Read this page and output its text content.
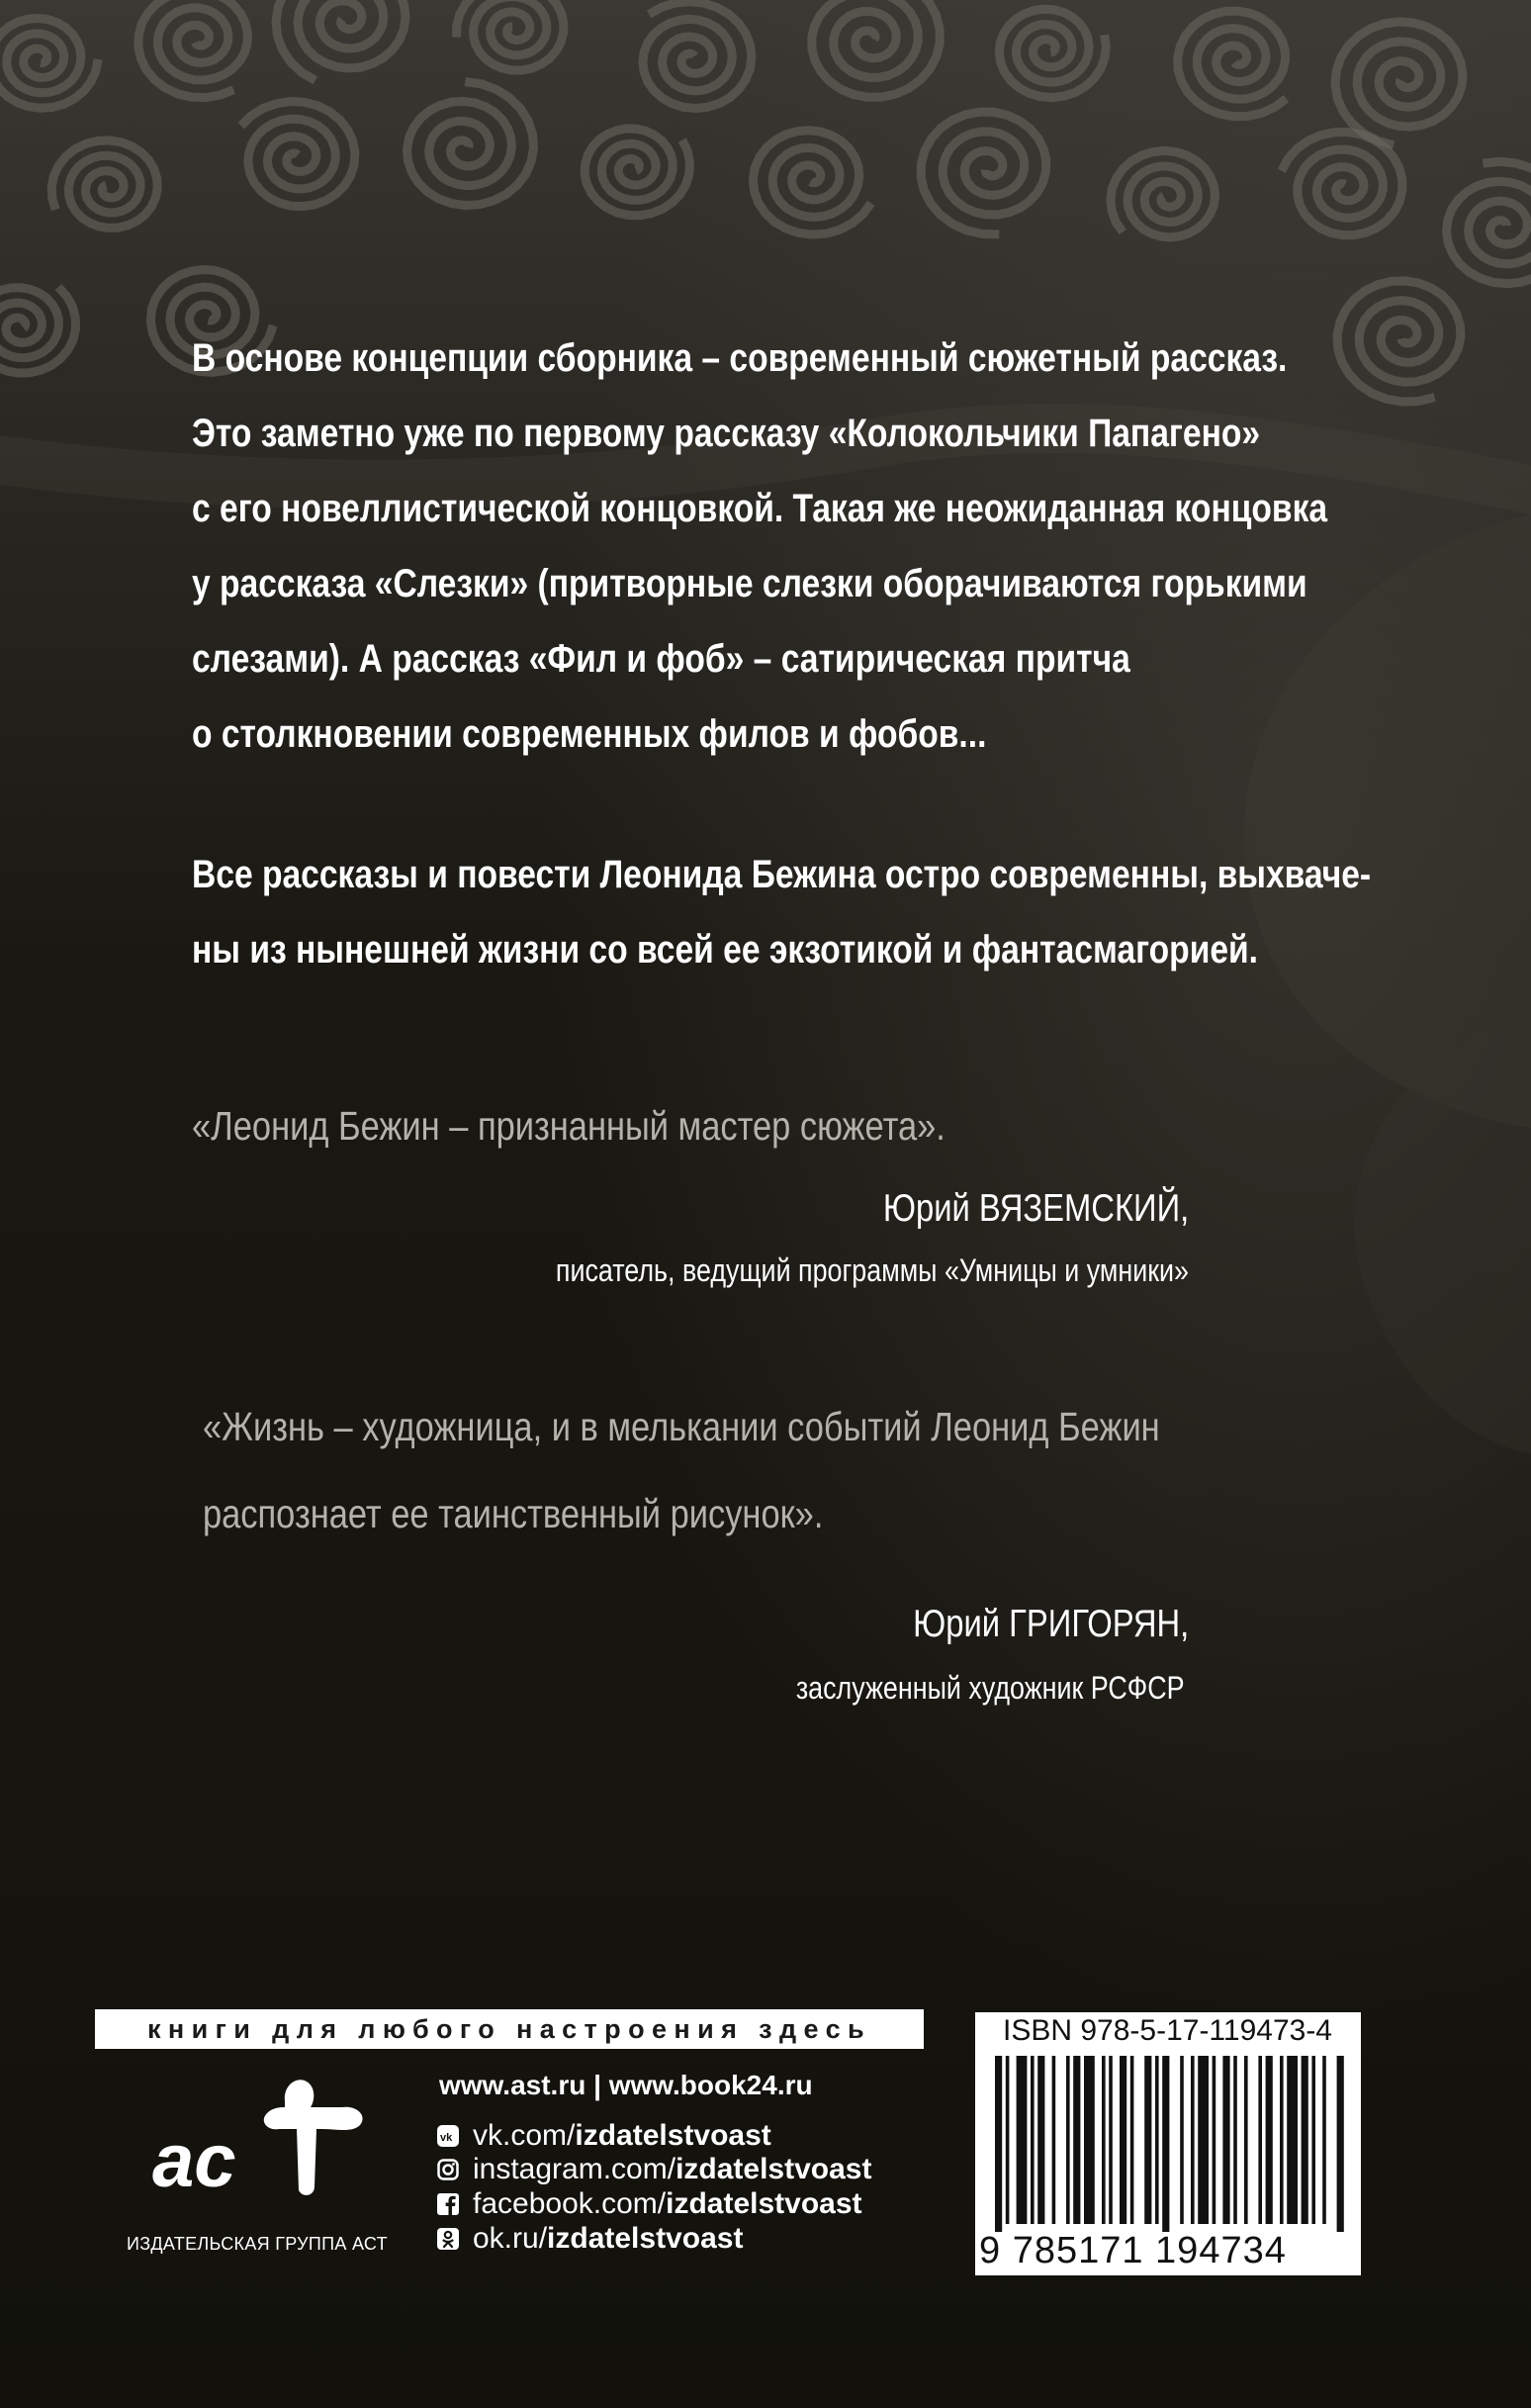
В основе концепции сборника – современный сюжетный рассказ.
Это заметно уже по первому рассказу «Колокольчики Папагено»
с его новеллистической концовкой. Такая же неожиданная концовка
у рассказа «Слезки» (притворные слезки оборачиваются горькими
слезами). А рассказ «Фил и фоб» – сатирическая притча
о столкновении современных филов и фобов...
Все рассказы и повести Леонида Бежина остро современны, выхваче-
ны из нынешней жизни со всей ее экзотикой и фантасмагорией.
«Леонид Бежин – признанный мастер сюжета».
Юрий ВЯЗЕМСКИЙ,
писатель, ведущий программы «Умницы и умники»
«Жизнь – художница, и в мелькании событий Леонид Бежин
распознает ее таинственный рисунок».
Юрий ГРИГОРЯН,
заслуженный художник РСФСР
книги для любого настроения здесь
ас
ИЗДАТЕЛЬСКАЯ ГРУППА АСТ
www.ast.ru | www.book24.ru
vk vk.com/ izdatelstvoast
instagram.com/ izdatelstvoast
facebook.com/ izdatelstvoast
ok.ru/ izdatelstvoast
ISBN 978-5-17-119473-4
9 785171 194734
